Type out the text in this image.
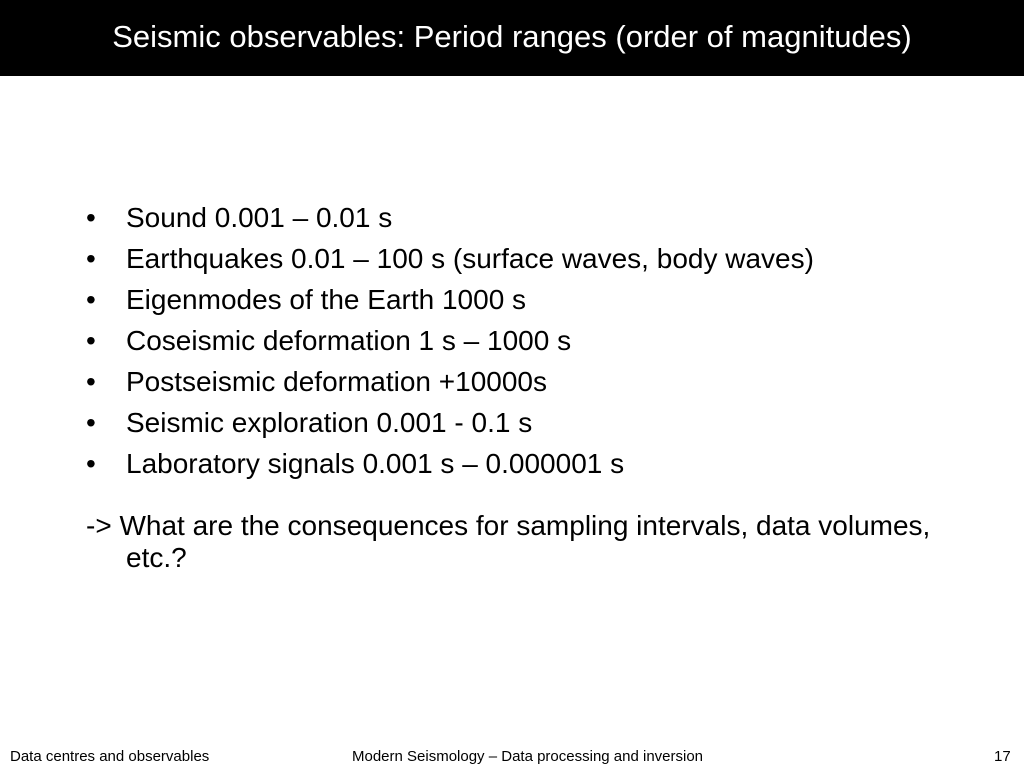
Seismic observables: Period ranges (order of magnitudes)
• Sound 0.001 – 0.01 s
• Earthquakes 0.01 – 100 s (surface waves, body waves)
• Eigenmodes of the Earth 1000 s
• Coseismic deformation 1 s – 1000 s
• Postseismic deformation +10000s
• Seismic exploration 0.001 - 0.1 s
• Laboratory signals 0.001 s – 0.000001 s
-> What are the consequences for sampling intervals, data volumes, etc.?
Data centres and observables	Modern Seismology – Data processing and inversion	17
